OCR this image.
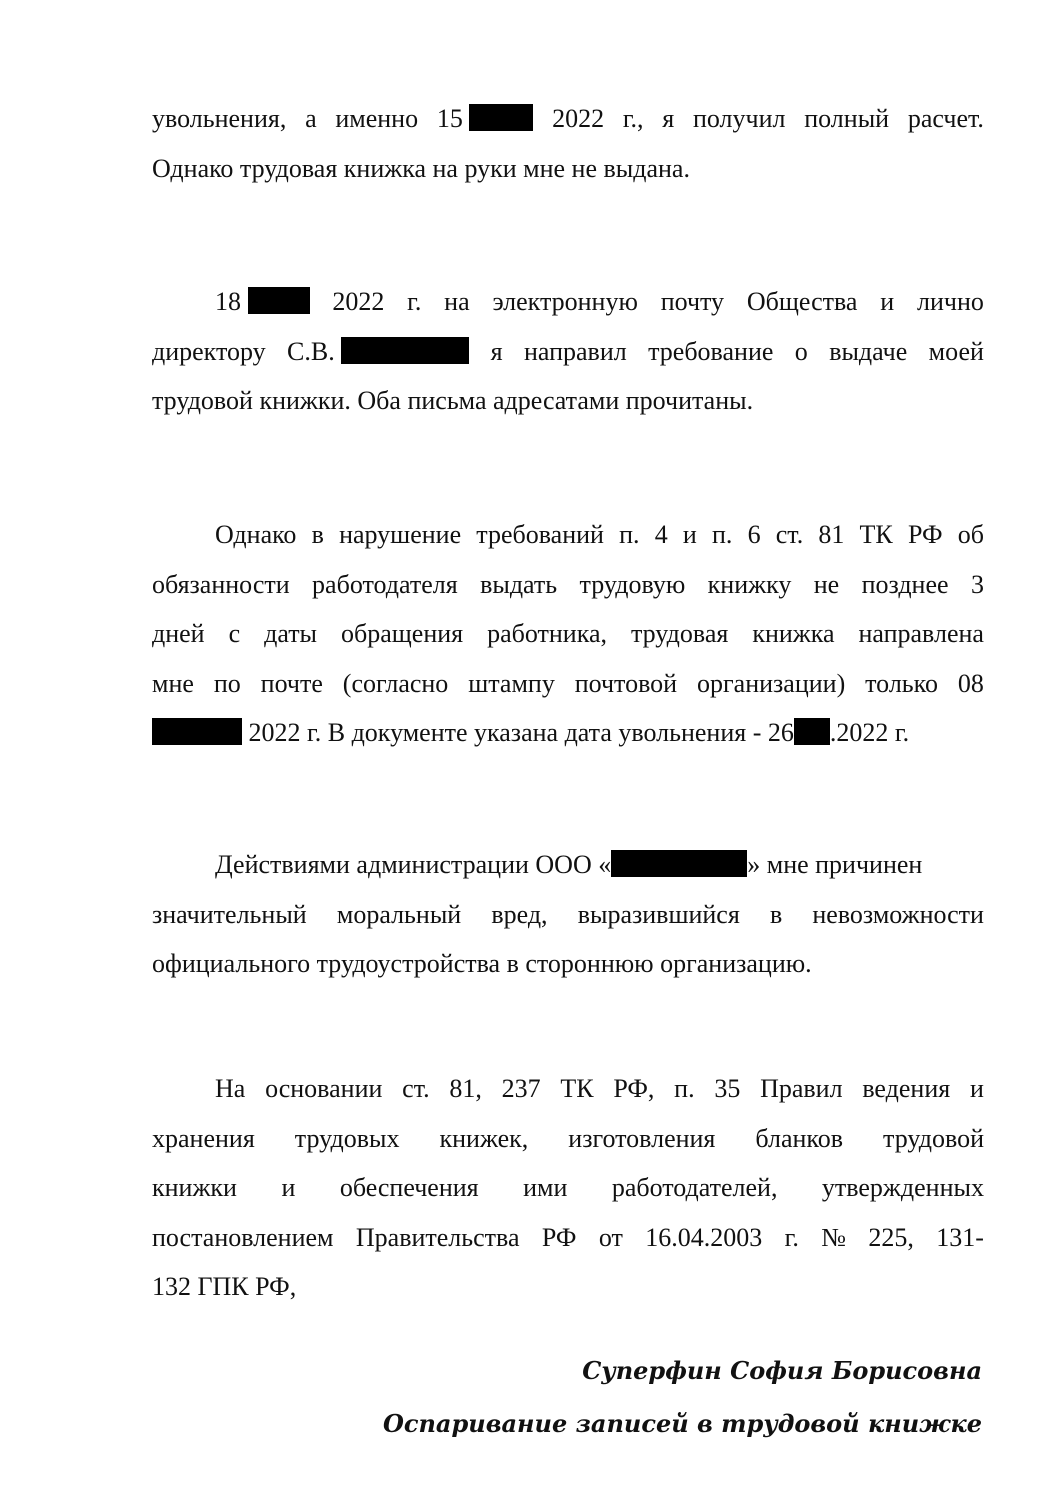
увольнения, а именно 15	2022 г., я получил полный расчет.
Однако трудовая книжка на руки мне не выдана.
18	2022 г. на электронную почту Общества и лично
директору С.В.	я направил требование о выдаче моей
трудовой книжки. Оба письма адресатами прочитаны.
Однако в нарушение требований п. 4 и п. 6 ст. 81 ТК РФ об
обязанности работодателя выдать трудовую книжку не позднее 3
дней с даты обращения работника, трудовая книжка направлена
мне по почте (согласно штампу почтовой организации) только 08
2022 г. В документе указана дата увольнения - 26 .2022 г.
Действиями администрации ООО «	» мне причинен
значительный моральный вред, выразившийся в невозможности
официального трудоустройства в стороннюю организацию.
На основании ст. 81, 237 ТК РФ, п. 35 Правил ведения и
хранения трудовых книжек, изготовления бланков трудовой
книжки и обеспечения ими работодателей, утвержденных
постановлением Правительства РФ от 16.04.2003 г. № 225, 131-
132 ГПК РФ,
Суперфин София Борисовна
Оспаривание записей в трудовой книжке
